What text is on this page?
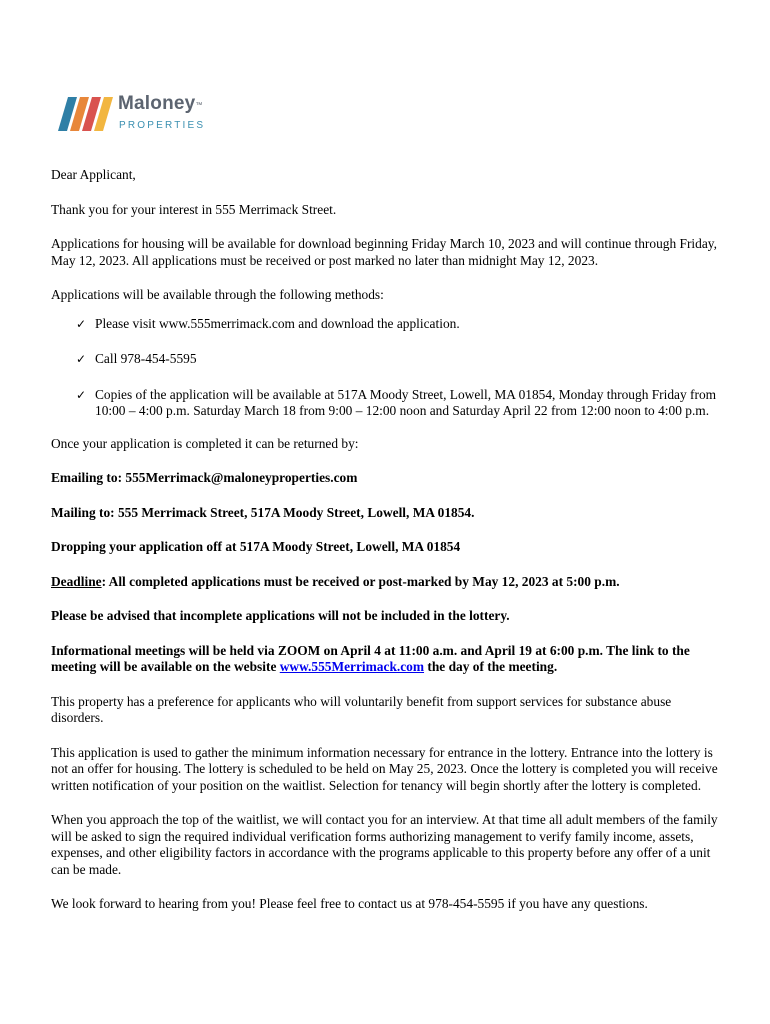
Maloney™
PROPERTIES

Dear Applicant,

Thank you for your interest in 555 Merrimack Street.

Applications for housing will be available for download beginning Friday March 10, 2023 and will continue through Friday, May 12, 2023. All applications must be received or post marked no later than midnight May 12, 2023.

Applications will be available through the following methods:

✓ Please visit www.555merrimack.com and download the application.
✓ Call 978-454-5595
✓ Copies of the application will be available at 517A Moody Street, Lowell, MA 01854, Monday through Friday from 10:00 – 4:00 p.m. Saturday March 18 from 9:00 – 12:00 noon and Saturday April 22 from 12:00 noon to 4:00 p.m.

Once your application is completed it can be returned by:

Emailing to: 555Merrimack@maloneyproperties.com

Mailing to: 555 Merrimack Street, 517A Moody Street, Lowell, MA 01854.

Dropping your application off at 517A Moody Street, Lowell, MA 01854

Deadline: All completed applications must be received or post-marked by May 12, 2023 at 5:00 p.m.

Please be advised that incomplete applications will not be included in the lottery.

Informational meetings will be held via ZOOM on April 4 at 11:00 a.m. and April 19 at 6:00 p.m. The link to the meeting will be available on the website www.555Merrimack.com the day of the meeting.

This property has a preference for applicants who will voluntarily benefit from support services for substance abuse disorders.

This application is used to gather the minimum information necessary for entrance in the lottery. Entrance into the lottery is not an offer for housing. The lottery is scheduled to be held on May 25, 2023. Once the lottery is completed you will receive written notification of your position on the waitlist. Selection for tenancy will begin shortly after the lottery is completed.

When you approach the top of the waitlist, we will contact you for an interview. At that time all adult members of the family will be asked to sign the required individual verification forms authorizing management to verify family income, assets, expenses, and other eligibility factors in accordance with the programs applicable to this property before any offer of a unit can be made.

We look forward to hearing from you! Please feel free to contact us at 978-454-5595 if you have any questions.
